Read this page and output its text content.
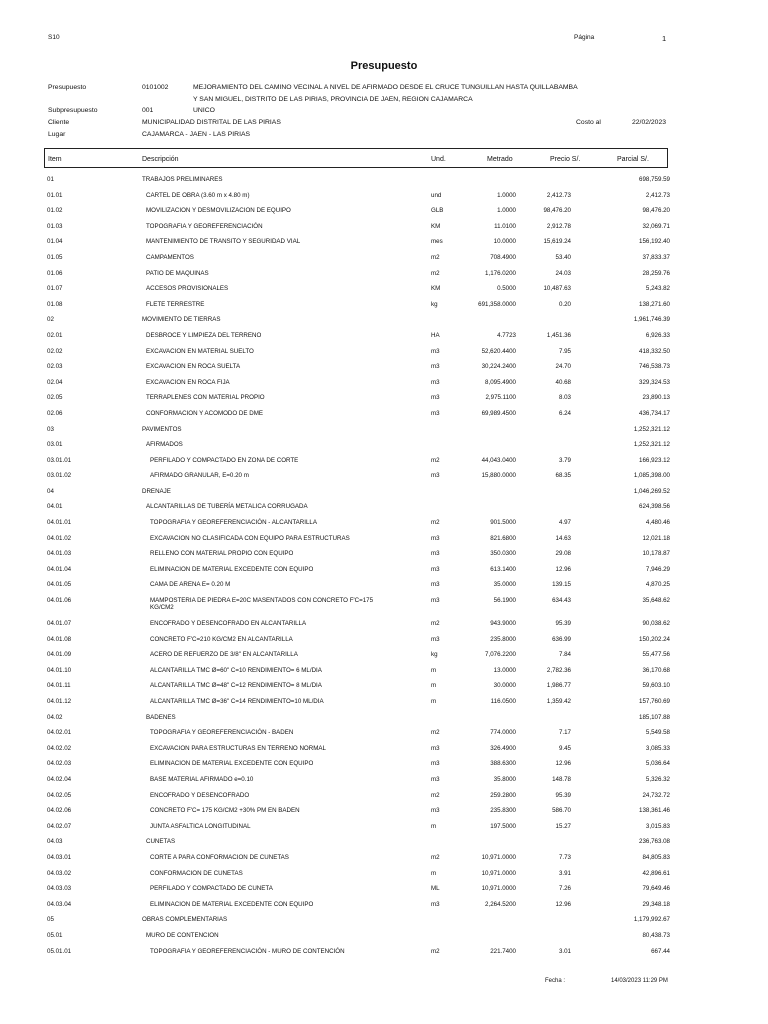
S10	Página	1
Presupuesto
Presupuesto	0101002	MEJORAMIENTO DEL CAMINO VECINAL A NIVEL DE AFIRMADO DESDE EL CRUCE TUNGUILLAN HASTA QUILLABAMBA Y SAN MIGUEL, DISTRITO DE LAS PIRIAS, PROVINCIA DE JAEN, REGION CAJAMARCA
Subpresupuesto	001	UNICO
Cliente	MUNICIPALIDAD DISTRITAL DE LAS PIRIAS	Costo al	22/02/2023
Lugar	CAJAMARCA - JAEN - LAS PIRIAS
Item	Descripción	Und.	Metrado	Precio S/.	Parcial S/.
01	TRABAJOS PRELIMINARES	698,759.59
01.01	CARTEL DE OBRA (3.60 m x 4.80 m)	und	1.0000	2,412.73	2,412.73
01.02	MOVILIZACION Y DESMOVILIZACION DE EQUIPO	GLB	1.0000	98,476.20	98,476.20
01.03	TOPOGRAFIA Y GEOREFERENCIACIÓN	KM	11.0100	2,912.78	32,069.71
01.04	MANTENIMIENTO DE TRANSITO Y SEGURIDAD VIAL	mes	10.0000	15,619.24	156,192.40
01.05	CAMPAMENTOS	m2	708.4900	53.40	37,833.37
01.06	PATIO DE MAQUINAS	m2	1,176.0200	24.03	28,259.76
01.07	ACCESOS PROVISIONALES	KM	0.5000	10,487.63	5,243.82
01.08	FLETE TERRESTRE	kg	691,358.0000	0.20	138,271.60
02	MOVIMIENTO DE TIERRAS	1,961,746.39
02.01	DESBROCE Y LIMPIEZA DEL TERRENO	HA	4.7723	1,451.36	6,926.33
02.02	EXCAVACION EN MATERIAL SUELTO	m3	52,620.4400	7.95	418,332.50
02.03	EXCAVACION EN ROCA SUELTA	m3	30,224.2400	24.70	746,538.73
02.04	EXCAVACION EN ROCA FIJA	m3	8,095.4900	40.68	329,324.53
02.05	TERRAPLENES CON MATERIAL PROPIO	m3	2,975.1100	8.03	23,890.13
02.06	CONFORMACION Y ACOMODO DE DME	m3	69,989.4500	6.24	436,734.17
03	PAVIMENTOS	1,252,321.12
03.01	AFIRMADOS	1,252,321.12
03.01.01	PERFILADO Y COMPACTADO EN ZONA DE CORTE	m2	44,043.0400	3.79	166,923.12
03.01.02	AFIRMADO GRANULAR, E=0.20 m	m3	15,880.0000	68.35	1,085,398.00
04	DRENAJE	1,046,269.52
04.01	ALCANTARILLAS DE TUBERÍA METALICA CORRUGADA	624,398.56
04.01.01	TOPOGRAFIA Y GEOREFERENCIACIÓN - ALCANTARILLA	m2	901.5000	4.97	4,480.46
04.01.02	EXCAVACION NO CLASIFICADA CON EQUIPO PARA ESTRUCTURAS	m3	821.6800	14.63	12,021.18
04.01.03	RELLENO CON MATERIAL PROPIO CON EQUIPO	m3	350.0300	29.08	10,178.87
04.01.04	ELIMINACION DE MATERIAL EXCEDENTE CON EQUIPO	m3	613.1400	12.96	7,946.29
04.01.05	CAMA DE ARENA E= 0.20 M	m3	35.0000	139.15	4,870.25
04.01.06	MAMPOSTERIA DE PIEDRA E=20C MASENTADOS CON CONCRETO F'C=175 KG/CM2
m3	56.1900	634.43	35,648.62
04.01.07	ENCOFRADO Y DESENCOFRADO EN ALCANTARILLA	m2	943.9000	95.39	90,038.62
04.01.08	CONCRETO F'C=210 KG/CM2 EN ALCANTARILLA	m3	235.8000	636.99	150,202.24
04.01.09	ACERO DE REFUERZO DE 3/8" EN ALCANTARILLA	kg	7,076.2200	7.84	55,477.56
04.01.10	ALCANTARILLA TMC Ø=60" C=10 RENDIMIENTO= 6 ML/DIA	m	13.0000	2,782.36	36,170.68
04.01.11	ALCANTARILLA TMC Ø=48" C=12 RENDIMIENTO= 8 ML/DIA	m	30.0000	1,986.77	59,603.10
04.01.12	ALCANTARILLA TMC Ø=36" C=14 RENDIMIENTO=10 ML/DIA	m	116.0500	1,359.42	157,760.69
04.02	BADENES	185,107.88
04.02.01	TOPOGRAFIA Y GEOREFERENCIACIÓN - BADEN	m2	774.0000	7.17	5,549.58
04.02.02	EXCAVACION PARA ESTRUCTURAS EN TERRENO NORMAL	m3	326.4900	9.45	3,085.33
04.02.03	ELIMINACION DE MATERIAL EXCEDENTE CON EQUIPO	m3	388.6300	12.96	5,036.64
04.02.04	BASE MATERIAL AFIRMADO e=0.10	m3	35.8000	148.78	5,326.32
04.02.05	ENCOFRADO Y DESENCOFRADO	m2	259.2800	95.39	24,732.72
04.02.06	CONCRETO F'C= 175 KG/CM2 +30% PM EN BADEN	m3	235.8300	586.70	138,361.46
04.02.07	JUNTA ASFALTICA LONGITUDINAL	m	197.5000	15.27	3,015.83
04.03	CUNETAS	236,763.08
04.03.01	CORTE A PARA CONFORMACION DE CUNETAS	m2	10,971.0000	7.73	84,805.83
04.03.02	CONFORMACION DE CUNETAS	m	10,971.0000	3.91	42,896.61
04.03.03	PERFILADO Y COMPACTADO DE CUNETA	ML	10,971.0000	7.26	79,649.46
04.03.04	ELIMINACION DE MATERIAL EXCEDENTE CON EQUIPO	m3	2,264.5200	12.96	29,348.18
05	OBRAS COMPLEMENTARIAS	1,179,992.67
05.01	MURO DE CONTENCION	80,438.73
05.01.01	TOPOGRAFIA Y GEOREFERENCIACIÓN - MURO DE CONTENCIÓN	m2	221.7400	3.01	667.44
Fecha :	14/03/2023 11:29 PM
